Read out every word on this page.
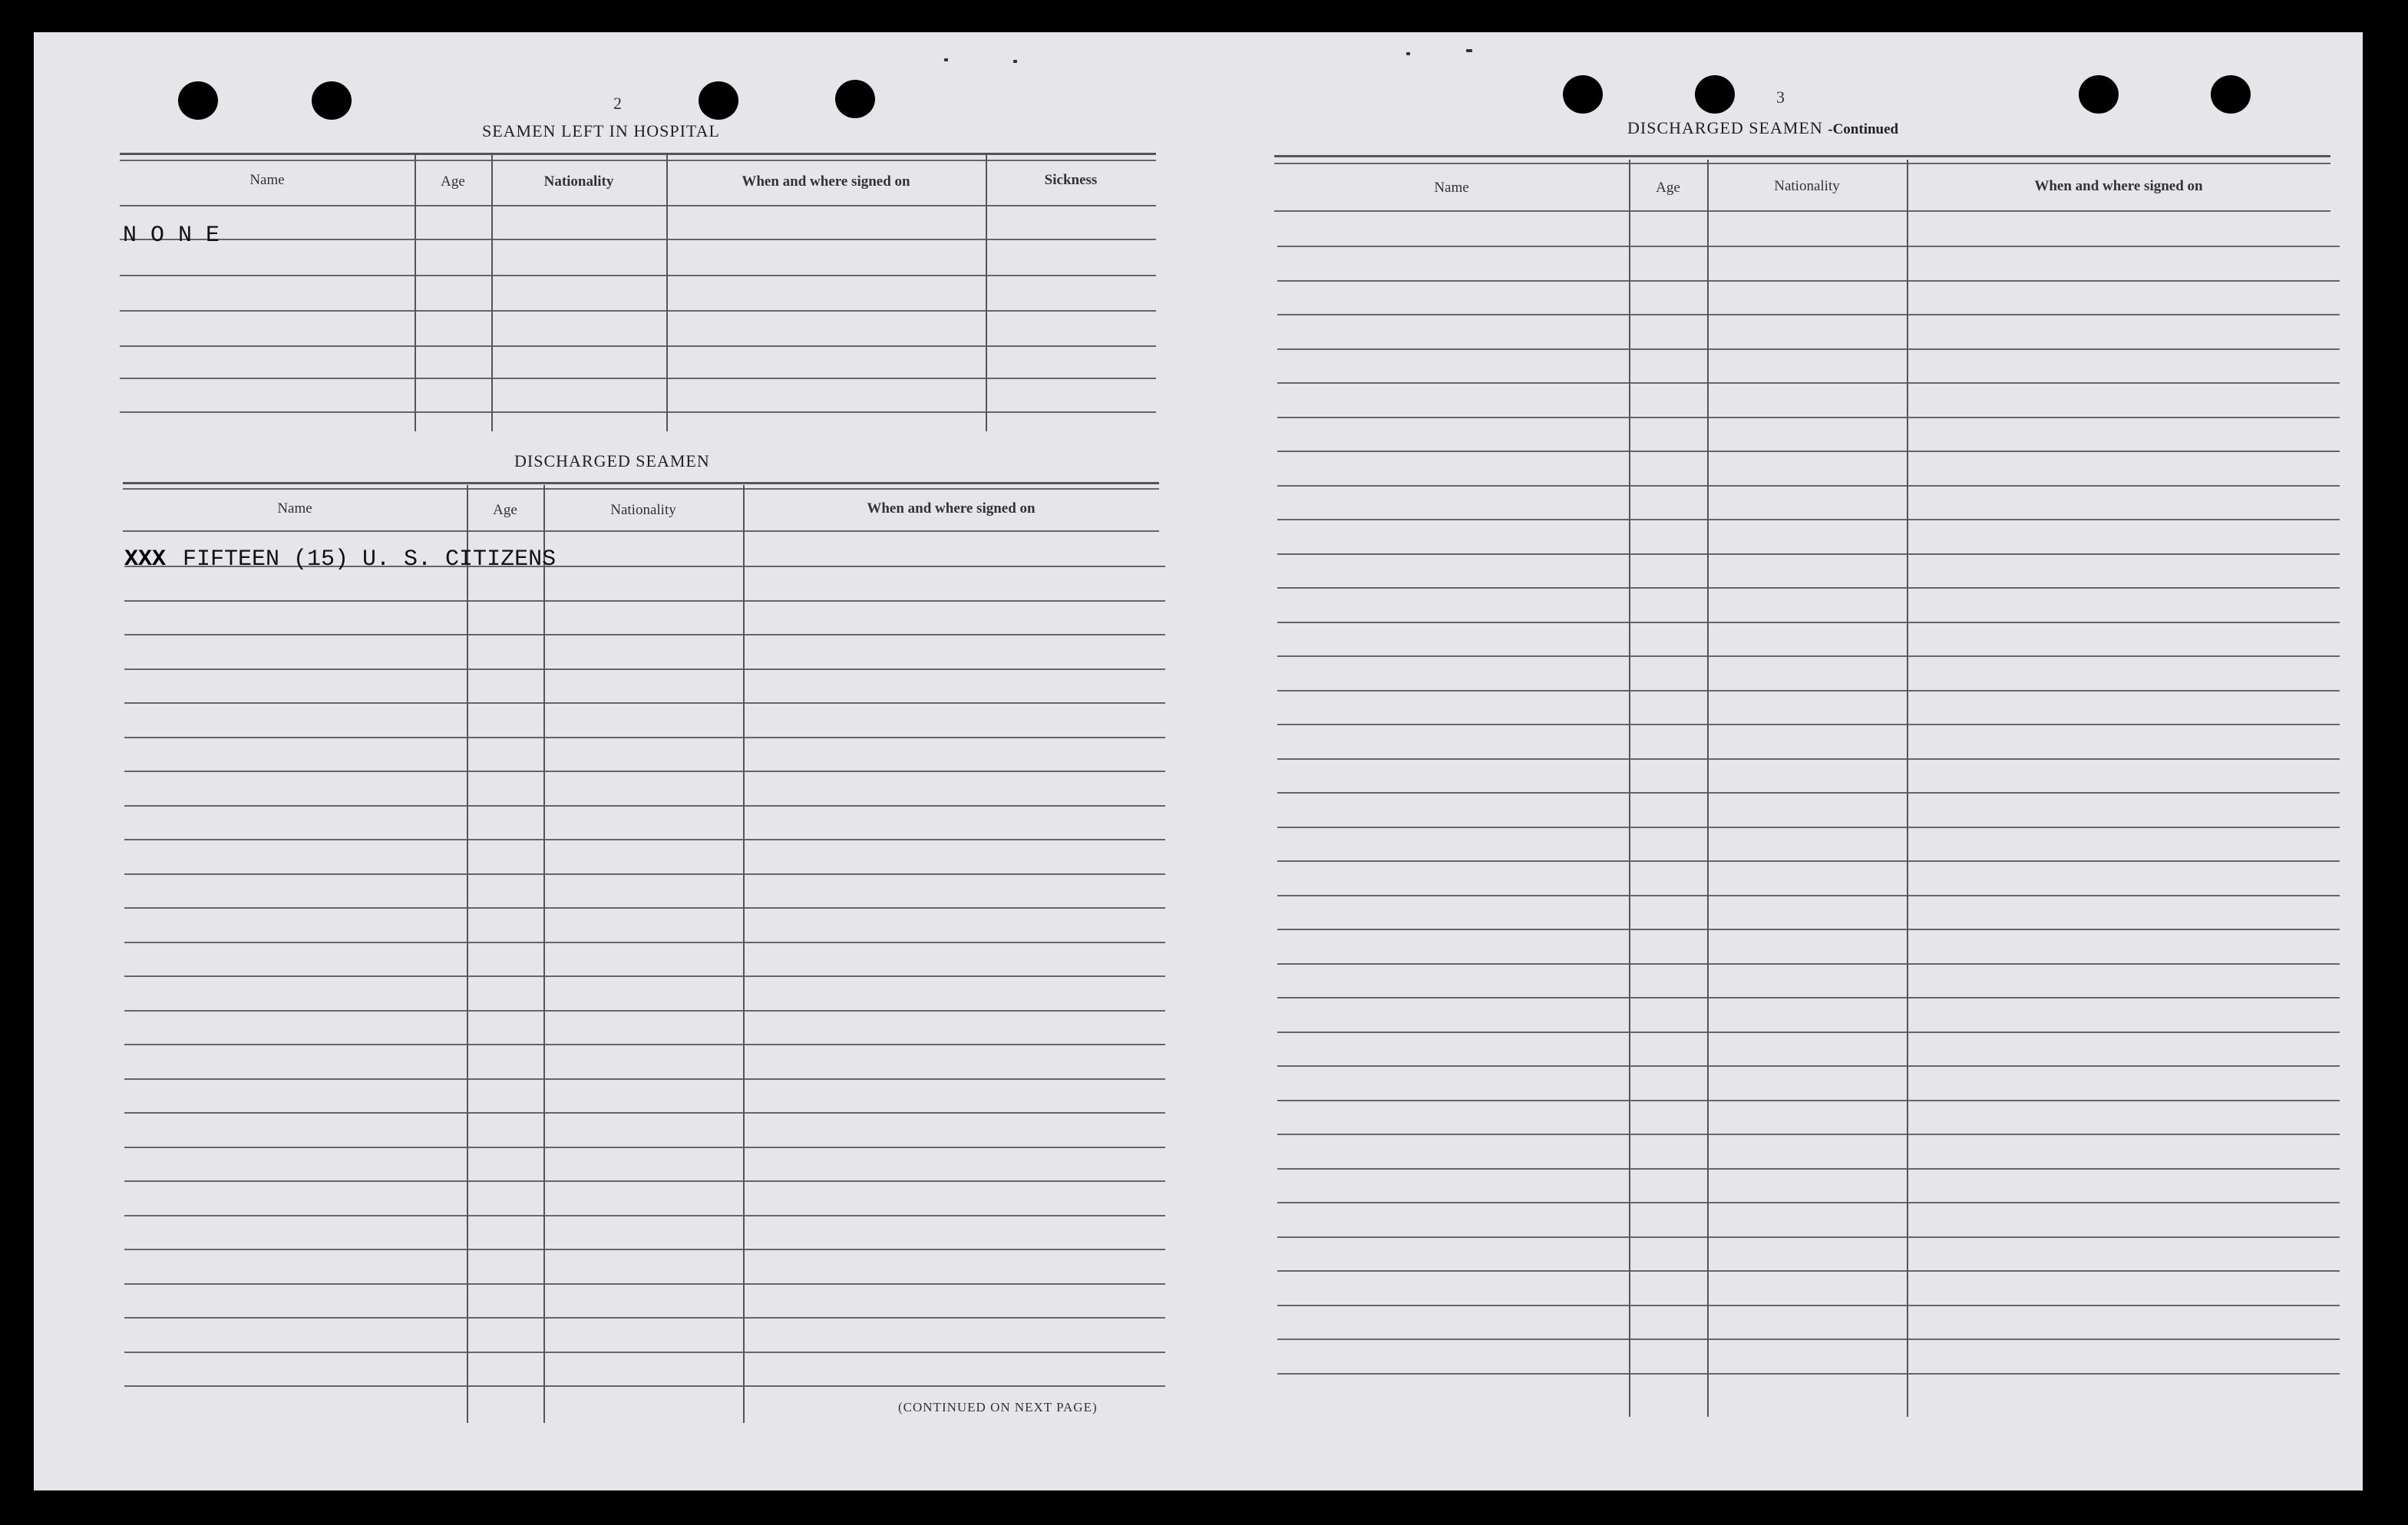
2
SEAMEN LEFT IN HOSPITAL
Name	Age	Nationality	When and where signed on	Sickness
N O N E
DISCHARGED SEAMEN
Name	Age	Nationality	When and where signed on
XXX FIFTEEN (15) U. S. CITIZENS
(CONTINUED ON NEXT PAGE)
3
DISCHARGED SEAMEN -Continued
Name	Age	Nationality	When and where signed on
